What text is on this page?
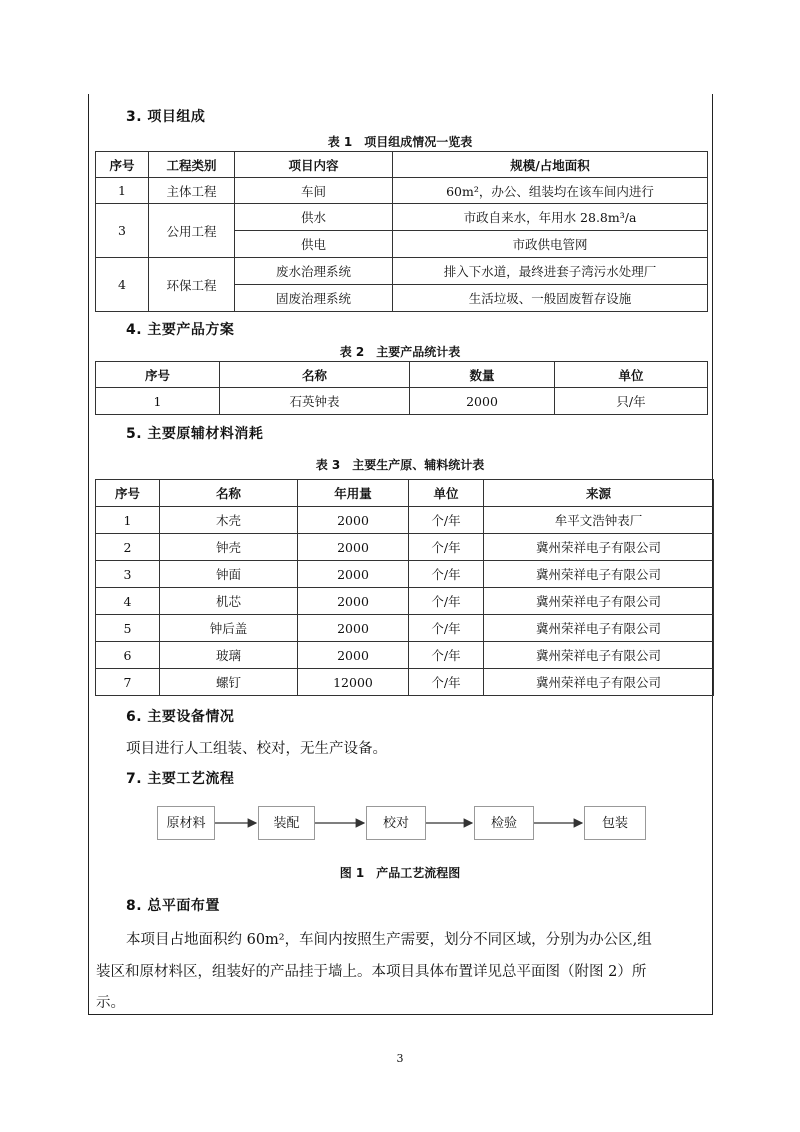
3. 项目组成
表 1　项目组成情况一览表
序号	工程类别	项目内容	规模/占地面积
1	主体工程	车间	60m²，办公、组装均在该车间内进行
3	公用工程	供水	市政自来水，年用水 28.8m³/a
		供电	市政供电管网
4	环保工程	废水治理系统	排入下水道，最终进套子湾污水处理厂
		固废治理系统	生活垃圾、一般固废暂存设施
4. 主要产品方案
表 2　主要产品统计表
序号	名称	数量	单位
1	石英钟表	2000	只/年
5. 主要原辅材料消耗
表 3　主要生产原、辅料统计表
序号	名称	年用量	单位	来源
1	木壳	2000	个/年	牟平文浩钟表厂
2	钟壳	2000	个/年	冀州荣祥电子有限公司
3	钟面	2000	个/年	冀州荣祥电子有限公司
4	机芯	2000	个/年	冀州荣祥电子有限公司
5	钟后盖	2000	个/年	冀州荣祥电子有限公司
6	玻璃	2000	个/年	冀州荣祥电子有限公司
7	螺钉	12000	个/年	冀州荣祥电子有限公司
6. 主要设备情况
项目进行人工组装、校对，无生产设备。
7. 主要工艺流程
原材料	装配	校对	检验	包装
图 1　产品工艺流程图
8. 总平面布置
本项目占地面积约 60m²，车间内按照生产需要，划分不同区域，分别为办公区,组
装区和原材料区，组装好的产品挂于墙上。本项目具体布置详见总平面图（附图 2）所
示。
3
